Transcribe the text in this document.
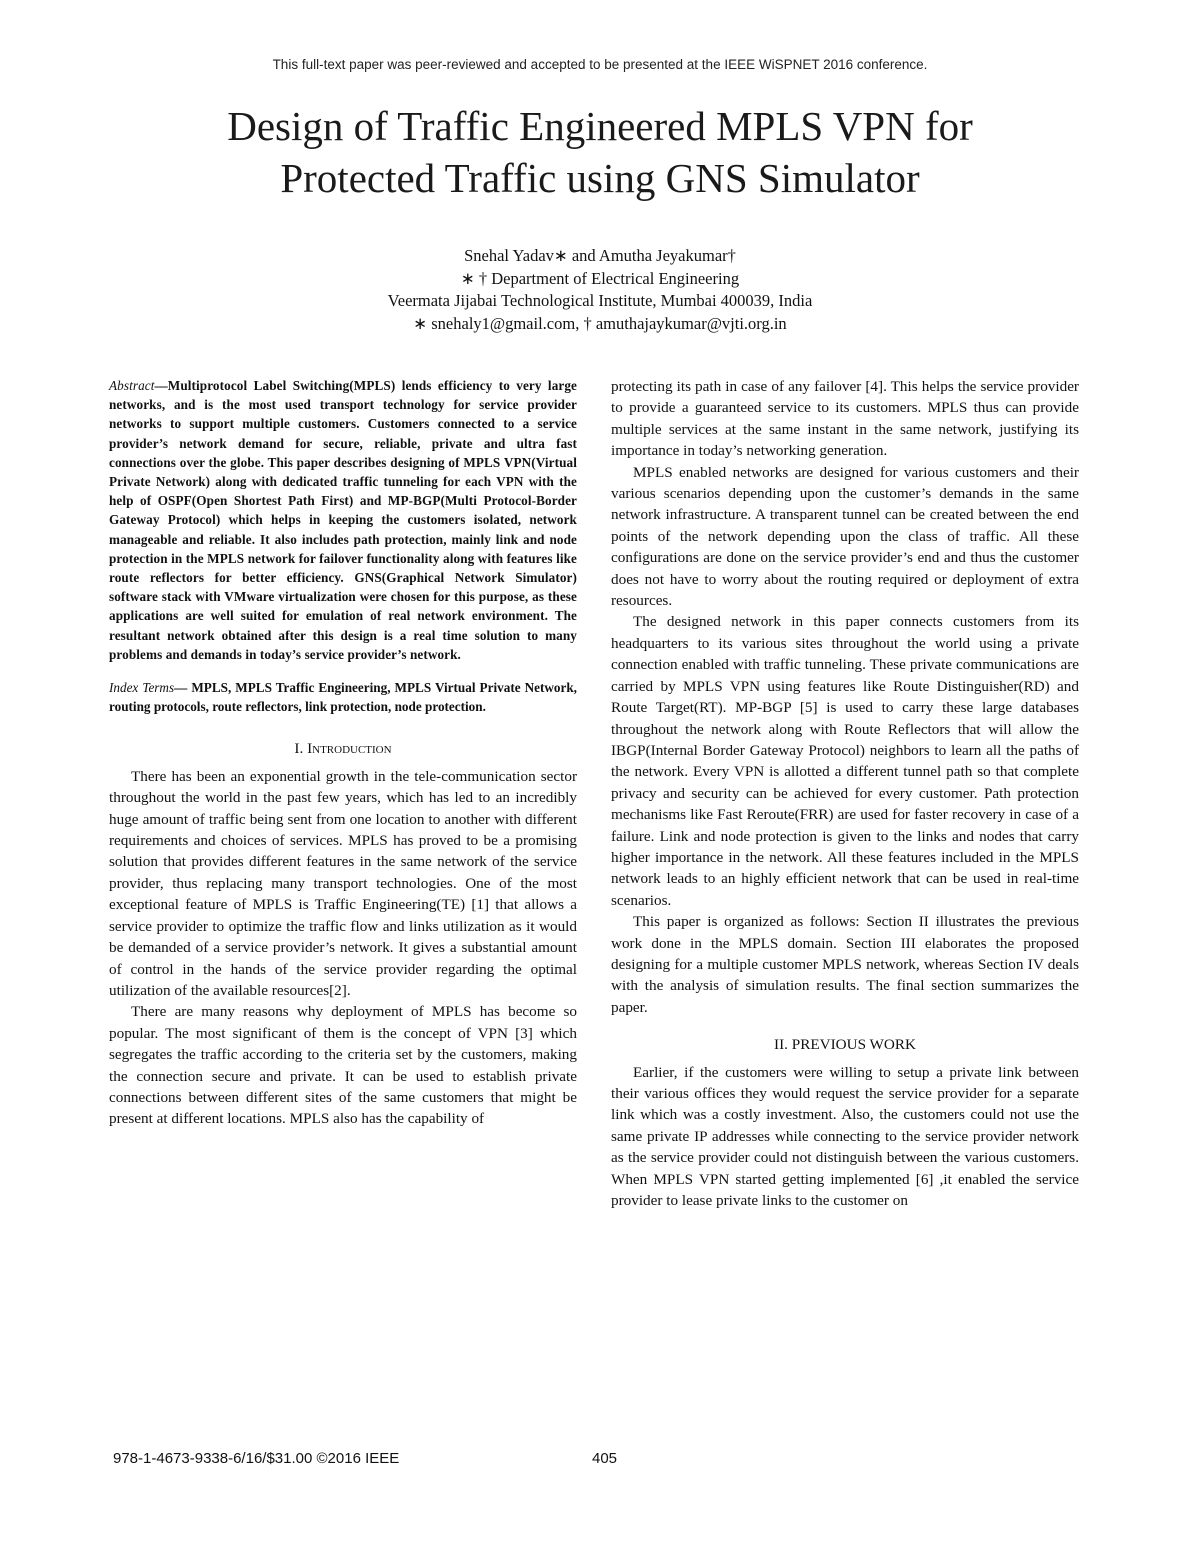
This full-text paper was peer-reviewed and accepted to be presented at the IEEE WiSPNET 2016 conference.
Design of Traffic Engineered MPLS VPN for
Protected Traffic using GNS Simulator
Snehal Yadav∗ and Amutha Jeyakumar†
∗ † Department of Electrical Engineering
Veermata Jijabai Technological Institute, Mumbai 400039, India
∗ snehaly1@gmail.com, † amuthajaykumar@vjti.org.in
Abstract—Multiprotocol Label Switching(MPLS) lends efficiency to very large networks, and is the most used transport technology for service provider networks to support multiple customers. Customers connected to a service provider’s network demand for secure, reliable, private and ultra fast connections over the globe. This paper describes designing of MPLS VPN(Virtual Private Network) along with dedicated traffic tunneling for each VPN with the help of OSPF(Open Shortest Path First) and MP-BGP(Multi Protocol-Border Gateway Protocol) which helps in keeping the customers isolated, network manageable and reliable. It also includes path protection, mainly link and node protection in the MPLS network for failover functionality along with features like route reflectors for better efficiency. GNS(Graphical Network Simulator) software stack with VMware virtualization were chosen for this purpose, as these applications are well suited for emulation of real network environment. The resultant network obtained after this design is a real time solution to many problems and demands in today’s service provider’s network.
Index Terms— MPLS, MPLS Traffic Engineering, MPLS Virtual Private Network, routing protocols, route reflectors, link protection, node protection.
I. Introduction

There has been an exponential growth in the tele-communication sector throughout the world in the past few years, which has led to an incredibly huge amount of traffic being sent from one location to another with different requirements and choices of services. MPLS has proved to be a promising solution that provides different features in the same network of the service provider, thus replacing many transport technologies. One of the most exceptional feature of MPLS is Traffic Engineering(TE) [1] that allows a service provider to optimize the traffic flow and links utilization as it would be demanded of a service provider’s network. It gives a substantial amount of control in the hands of the service provider regarding the optimal utilization of the available resources[2].

There are many reasons why deployment of MPLS has become so popular. The most significant of them is the concept of VPN [3] which segregates the traffic according to the criteria set by the customers, making the connection secure and private. It can be used to establish private connections between different sites of the same customers that might be present at different locations. MPLS also has the capability of

protecting its path in case of any failover [4]. This helps the service provider to provide a guaranteed service to its customers. MPLS thus can provide multiple services at the same instant in the same network, justifying its importance in today’s networking generation.

MPLS enabled networks are designed for various customers and their various scenarios depending upon the customer’s demands in the same network infrastructure. A transparent tunnel can be created between the end points of the network depending upon the class of traffic. All these configurations are done on the service provider’s end and thus the customer does not have to worry about the routing required or deployment of extra resources.

The designed network in this paper connects customers from its headquarters to its various sites throughout the world using a private connection enabled with traffic tunneling. These private communications are carried by MPLS VPN using features like Route Distinguisher(RD) and Route Target(RT). MP-BGP [5] is used to carry these large databases throughout the network along with Route Reflectors that will allow the IBGP(Internal Border Gateway Protocol) neighbors to learn all the paths of the network. Every VPN is allotted a different tunnel path so that complete privacy and security can be achieved for every customer. Path protection mechanisms like Fast Reroute(FRR) are used for faster recovery in case of a failure. Link and node protection is given to the links and nodes that carry higher importance in the network. All these features included in the MPLS network leads to an highly efficient network that can be used in real-time scenarios.

This paper is organized as follows: Section II illustrates the previous work done in the MPLS domain. Section III elaborates the proposed designing for a multiple customer MPLS network, whereas Section IV deals with the analysis of simulation results. The final section summarizes the paper.

II. PREVIOUS WORK

Earlier, if the customers were willing to setup a private link between their various offices they would request the service provider for a separate link which was a costly investment. Also, the customers could not use the same private IP addresses while connecting to the service provider network as the service provider could not distinguish between the various customers. When MPLS VPN started getting implemented [6] ,it enabled the service provider to lease private links to the customer on

978-1-4673-9338-6/16/$31.00 ©2016 IEEE	405
